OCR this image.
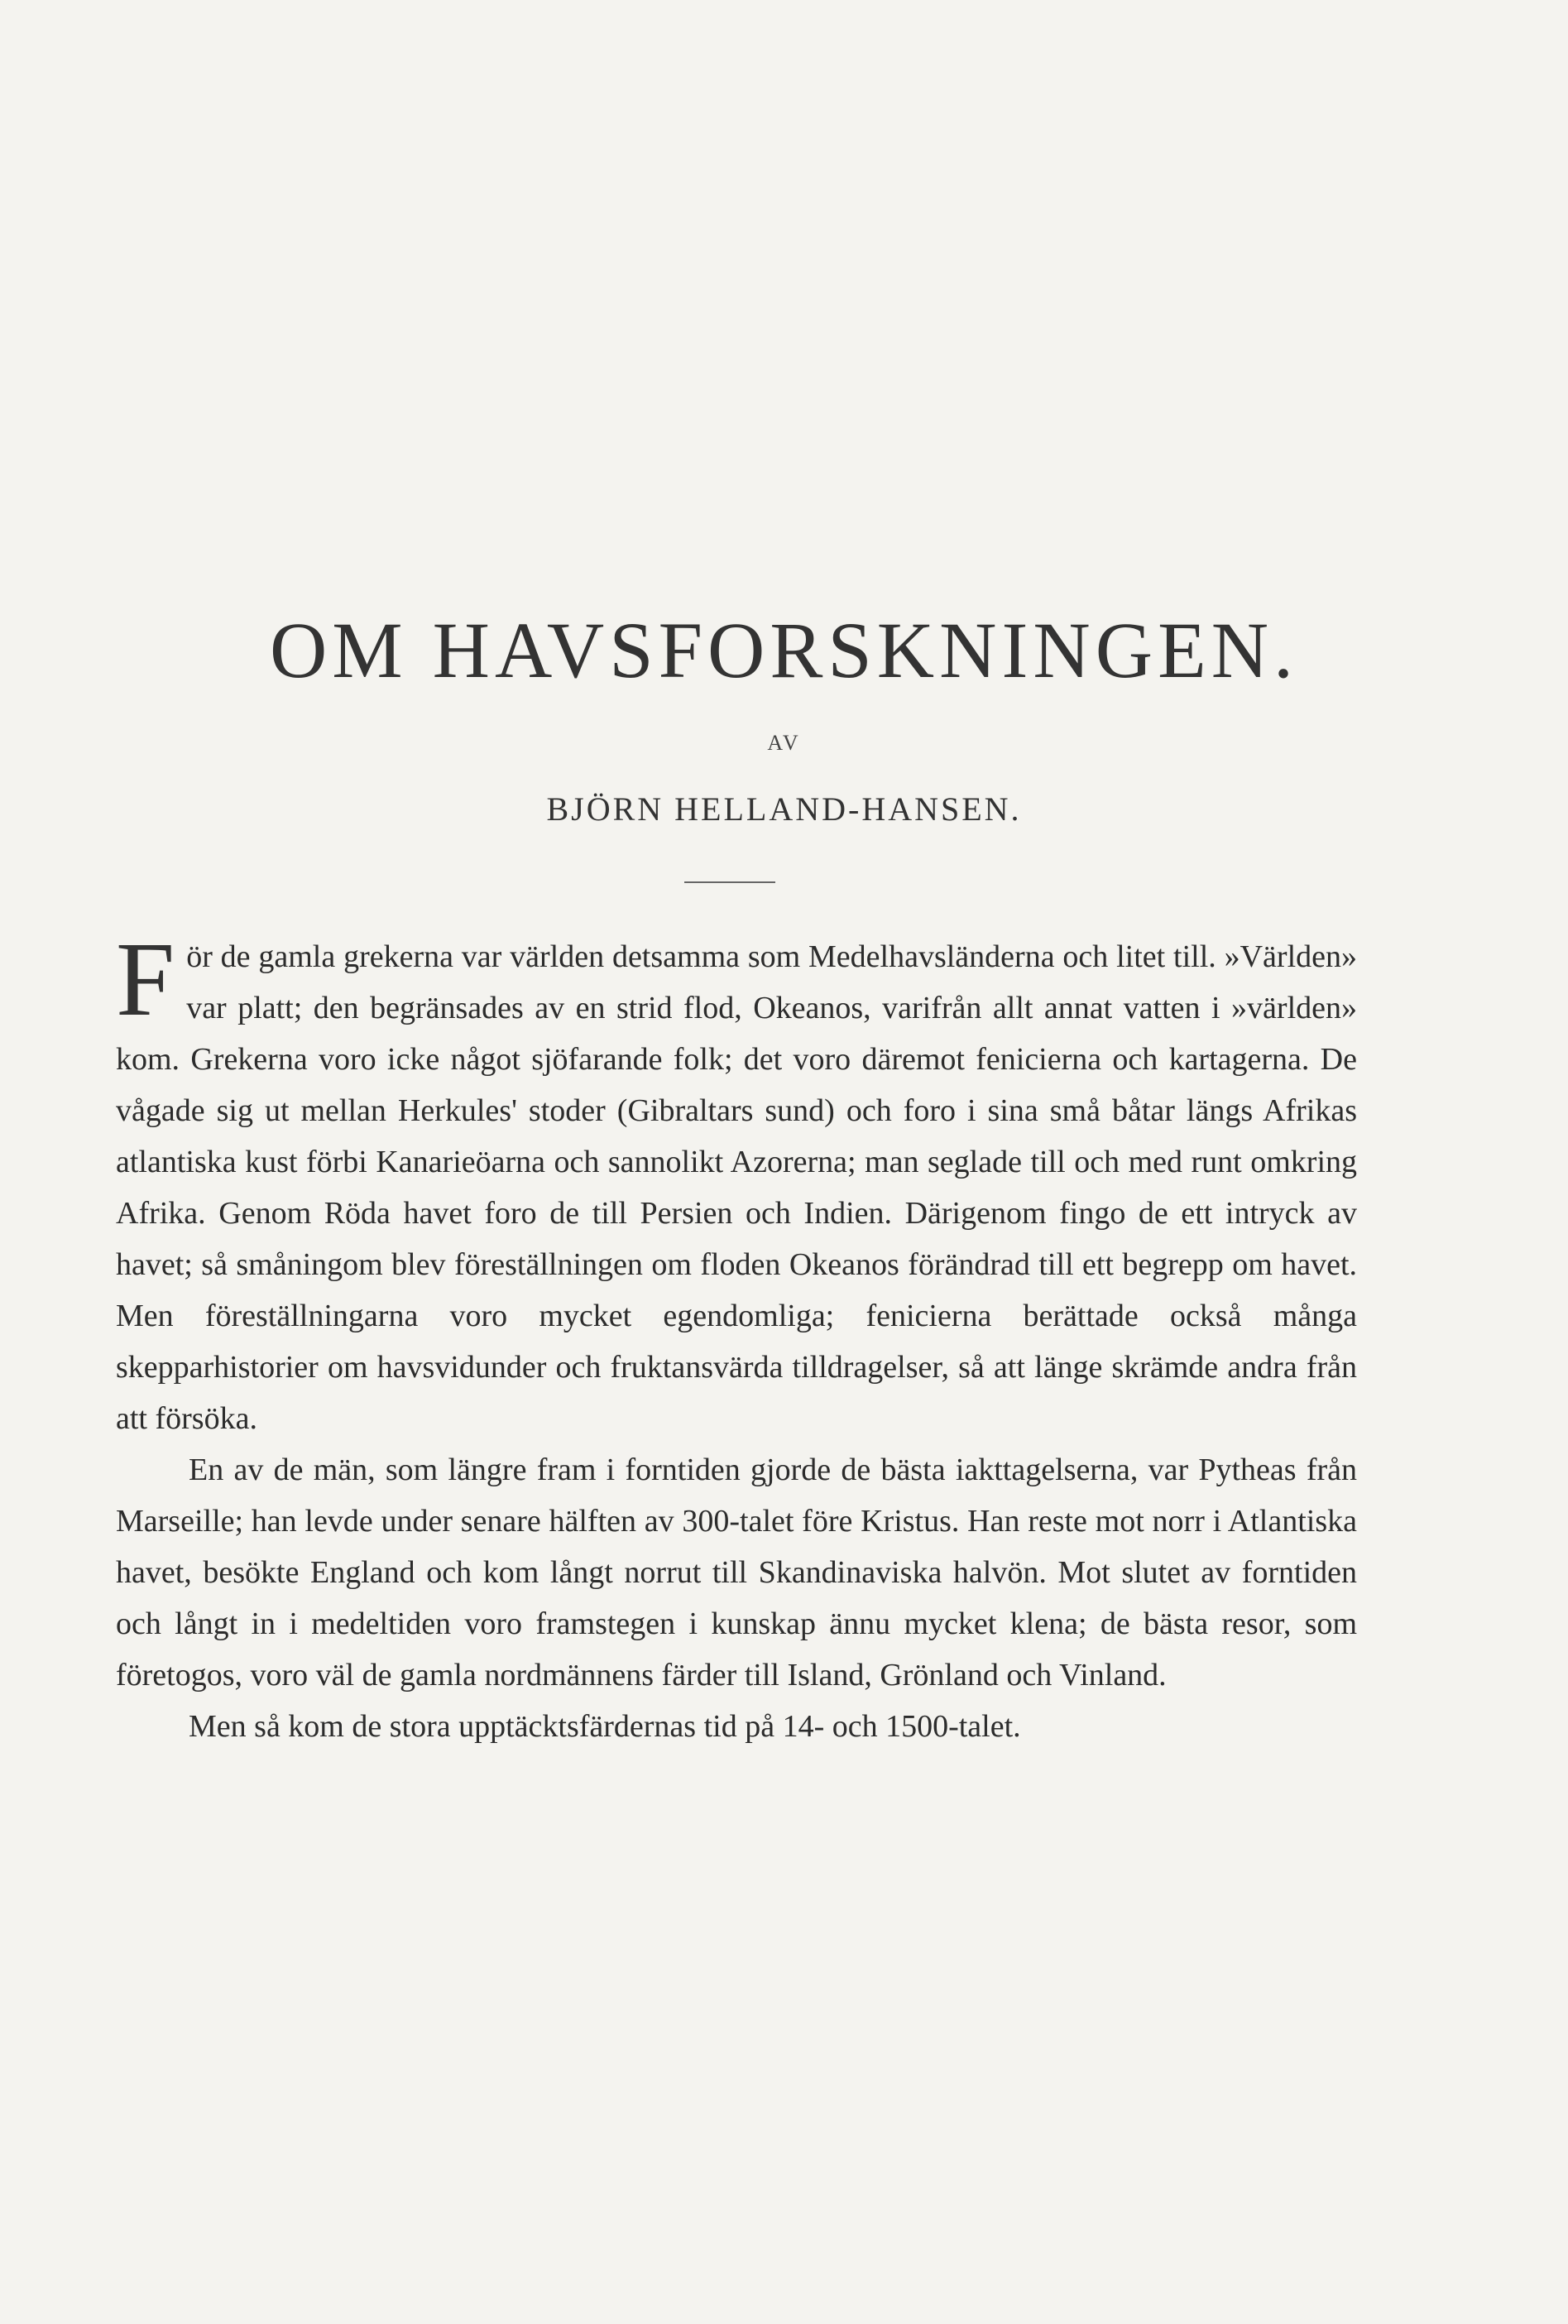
OM HAVSFORSKNINGEN.
AV
BJÖRN HELLAND-HANSEN.

För de gamla grekerna var världen detsamma som Medelhavsländerna och litet till. »Världen» var platt; den begränsades av en strid flod, Okeanos, varifrån allt annat vatten i »världen» kom. Grekerna voro icke något sjöfarande folk; det voro däremot fenicierna och kartagerna. De vågade sig ut mellan Herkules' stoder (Gibraltars sund) och foro i sina små båtar längs Afrikas atlantiska kust förbi Kanarieöarna och sannolikt Azorerna; man seglade till och med runt omkring Afrika. Genom Röda havet foro de till Persien och Indien. Därigenom fingo de ett intryck av havet; så småningom blev föreställningen om floden Okeanos förändrad till ett begrepp om havet. Men föreställningarna voro mycket egendomliga; fenicierna berättade också många skepparhistorier om havsvidunder och fruktansvärda tilldragelser, så att länge skrämde andra från att försöka.

En av de män, som längre fram i forntiden gjorde de bästa iakttagelserna, var Pytheas från Marseille; han levde under senare hälften av 300-talet före Kristus. Han reste mot norr i Atlantiska havet, besökte England och kom långt norrut till Skandinaviska halvön. Mot slutet av forntiden och långt in i medeltiden voro framstegen i kunskap ännu mycket klena; de bästa resor, som företogos, voro väl de gamla nordmännens färder till Island, Grönland och Vinland.

Men så kom de stora upptäcktsfärdernas tid på 14- och 1500-talet.
